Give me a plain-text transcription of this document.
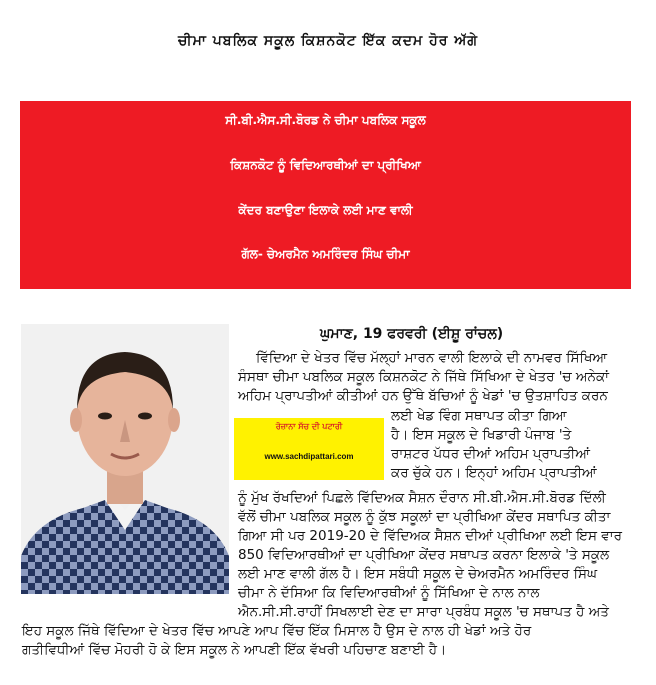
ਚੀਮਾ ਪਬਲਿਕ ਸਕੂਲ ਕਿਸ਼ਨਕੋਟ ਇੱਕ ਕਦਮ ਹੋਰ ਅੱਗੇ
ਸੀ.ਬੀ.ਐਸ.ਸੀ.ਬੋਰਡ ਨੇ ਚੀਮਾ ਪਬਲਿਕ ਸਕੂਲ
ਕਿਸ਼ਨਕੋਟ ਨੂੰ ਵਿਦਿਆਰਥੀਆਂ ਦਾ ਪ੍ਰੀਖਿਆ
ਕੇਂਦਰ ਬਣਾਉਣਾ ਇਲਾਕੇ ਲਈ ਮਾਣ ਵਾਲੀ
ਗੱਲ- ਚੇਅਰਮੈਨ ਅਮਰਿੰਦਰ ਸਿੰਘ ਚੀਮਾ
ਘੁਮਾਣ, 19 ਫਰਵਰੀ (ਈਸ਼ੂ ਰਾਂਚਲ)
ਵਿੱਦਿਆ ਦੇ ਖੇਤਰ ਵਿੱਚ ਮੱਲ੍ਹਾਂ ਮਾਰਨ ਵਾਲੀ ਇਲਾਕੇ ਦੀ ਨਾਮਵਰ ਸਿੱਖਿਆ
ਸੰਸਥਾ ਚੀਮਾ ਪਬਲਿਕ ਸਕੂਲ ਕਿਸ਼ਨਕੋਟ ਨੇ ਜਿੱਥੇ ਸਿੱਖਿਆ ਦੇ ਖੇਤਰ 'ਚ ਅਨੇਕਾਂ
ਅਹਿਮ ਪ੍ਰਾਪਤੀਆਂ ਕੀਤੀਆਂ ਹਨ ਉੱਥੇ ਬੱਚਿਆਂ ਨੂੰ ਖੇਡਾਂ 'ਚ ਉਤਸ਼ਾਹਿਤ ਕਰਨ
ਲਈ ਖੇਡ ਵਿੰਗ ਸਥਾਪਤ ਕੀਤਾ ਗਿਆ
ਹੈ। ਇਸ ਸਕੂਲ ਦੇ ਖਿਡਾਰੀ ਪੰਜਾਬ 'ਤੇ
ਰਾਸ਼ਟਰ ਪੱਧਰ ਦੀਆਂ ਅਹਿਮ ਪ੍ਰਾਪਤੀਆਂ
ਕਰ ਚੁੱਕੇ ਹਨ। ਇਨ੍ਹਾਂ ਅਹਿਮ ਪ੍ਰਾਪਤੀਆਂ
ਰੋਜ਼ਾਨਾ ਸੱਚ ਦੀ ਪਟਾਰੀ
www.sachdipattari.com
ਨੂੰ ਮੁੱਖ ਰੱਖਦਿਆਂ ਪਿਛਲੇ ਵਿੱਦਿਅਕ ਸੈਸ਼ਨ ਦੌਰਾਨ ਸੀ.ਬੀ.ਐਸ.ਸੀ.ਬੋਰਡ ਦਿੱਲੀ
ਵੱਲੋਂ ਚੀਮਾ ਪਬਲਿਕ ਸਕੂਲ ਨੂੰ ਕੁੱਝ ਸਕੂਲਾਂ ਦਾ ਪ੍ਰੀਖਿਆ ਕੇਂਦਰ ਸਥਾਪਿਤ ਕੀਤਾ
ਗਿਆ ਸੀ ਪਰ 2019-20 ਦੇ ਵਿੱਦਿਅਕ ਸੈਸ਼ਨ ਦੀਆਂ ਪ੍ਰੀਖਿਆ ਲਈ ਇਸ ਵਾਰ
850 ਵਿਦਿਆਰਥੀਆਂ ਦਾ ਪ੍ਰੀਖਿਆ ਕੇਂਦਰ ਸਥਾਪਤ ਕਰਨਾ ਇਲਾਕੇ 'ਤੇ ਸਕੂਲ
ਲਈ ਮਾਣ ਵਾਲੀ ਗੱਲ ਹੈ। ਇਸ ਸਬੰਧੀ ਸਕੂਲ ਦੇ ਚੇਅਰਮੈਨ ਅਮਰਿੰਦਰ ਸਿੰਘ
ਚੀਮਾ ਨੇ ਦੱਸਿਆ ਕਿ ਵਿਦਿਆਰਥੀਆਂ ਨੂੰ ਸਿੱਖਿਆ ਦੇ ਨਾਲ ਨਾਲ
ਐਨ.ਸੀ.ਸੀ.ਰਾਹੀਂ ਸਿਖਲਾਈ ਦੇਣ ਦਾ ਸਾਰਾ ਪ੍ਰਬੰਧ ਸਕੂਲ 'ਚ ਸਥਾਪਤ ਹੈ ਅਤੇ
ਇਹ ਸਕੂਲ ਜਿੱਥੇ ਵਿੱਦਿਆ ਦੇ ਖੇਤਰ ਵਿੱਚ ਆਪਣੇ ਆਪ ਵਿੱਚ ਇੱਕ ਮਿਸਾਲ ਹੈ ਉਸ ਦੇ ਨਾਲ ਹੀ ਖੇਡਾਂ ਅਤੇ ਹੋਰ
ਗਤੀਵਿਧੀਆਂ ਵਿੱਚ ਮੋਹਰੀ ਹੋ ਕੇ ਇਸ ਸਕੂਲ ਨੇ ਆਪਣੀ ਇੱਕ ਵੱਖਰੀ ਪਹਿਚਾਣ ਬਣਾਈ ਹੈ।
